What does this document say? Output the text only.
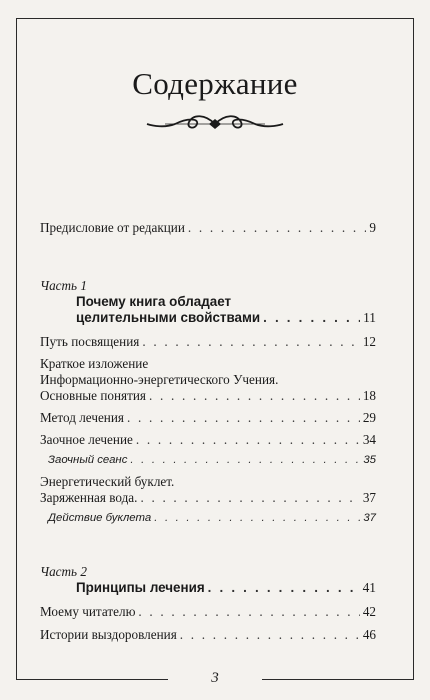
Содержание
Предисловие от редакции . . .	9
Часть 1
Почему книга обладает
целительными свойствами . . .	11
Путь посвящения . . .	12
Краткое изложение
Информационно-энергетического Учения.
Основные понятия . . .	18
Метод лечения . . .	29
Заочное лечение . . .	34
Заочный сеанс . . .	35
Энергетический буклет.
Заряженная вода. . . .	37
Действие буклета . . .	37
Часть 2
Принципы лечения . . .	41
Моему читателю . . .	42
Истории выздоровления . . .	46
3
